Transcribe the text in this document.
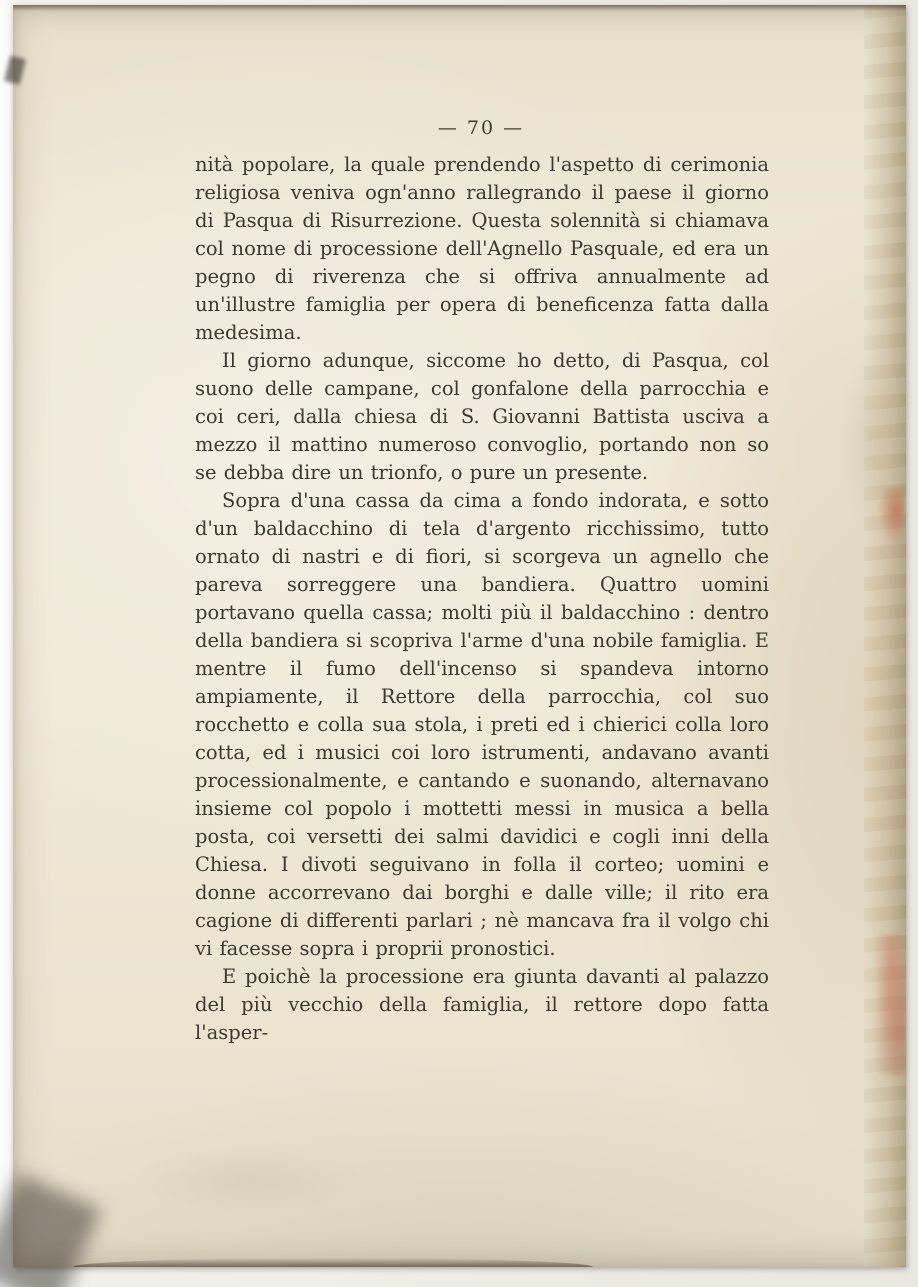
— 70 —

nità popolare, la quale prendendo l'aspetto di cerimonia religiosa veniva ogn'anno rallegrando il paese il giorno di Pasqua di Risurrezione. Questa solennità si chiamava col nome di processione dell'Agnello Pasquale, ed era un pegno di riverenza che si offriva annualmente ad un'illustre famiglia per opera di beneficenza fatta dalla medesima.

Il giorno adunque, siccome ho detto, di Pasqua, col suono delle campane, col gonfalone della parrocchia e coi ceri, dalla chiesa di S. Giovanni Battista usciva a mezzo il mattino numeroso convoglio, portando non so se debba dire un trionfo, o pure un presente.

Sopra d'una cassa da cima a fondo indorata, e sotto d'un baldacchino di tela d'argento ricchissimo, tutto ornato di nastri e di fiori, si scorgeva un agnello che pareva sorreggere una bandiera. Quattro uomini portavano quella cassa; molti più il baldacchino : dentro della bandiera si scopriva l'arme d'una nobile famiglia. E mentre il fumo dell'incenso si spandeva intorno ampiamente, il Rettore della parrocchia, col suo rocchetto e colla sua stola, i preti ed i chierici colla loro cotta, ed i musici coi loro istrumenti, andavano avanti processionalmente, e cantando e suonando, alternavano insieme col popolo i mottetti messi in musica a bella posta, coi versetti dei salmi davidici e cogli inni della Chiesa. I divoti seguivano in folla il corteo; uomini e donne accorrevano dai borghi e dalle ville; il rito era cagione di differenti parlari ; nè mancava fra il volgo chi vi facesse sopra i proprii pronostici.

E poichè la processione era giunta davanti al palazzo del più vecchio della famiglia, il rettore dopo fatta l'asper-
